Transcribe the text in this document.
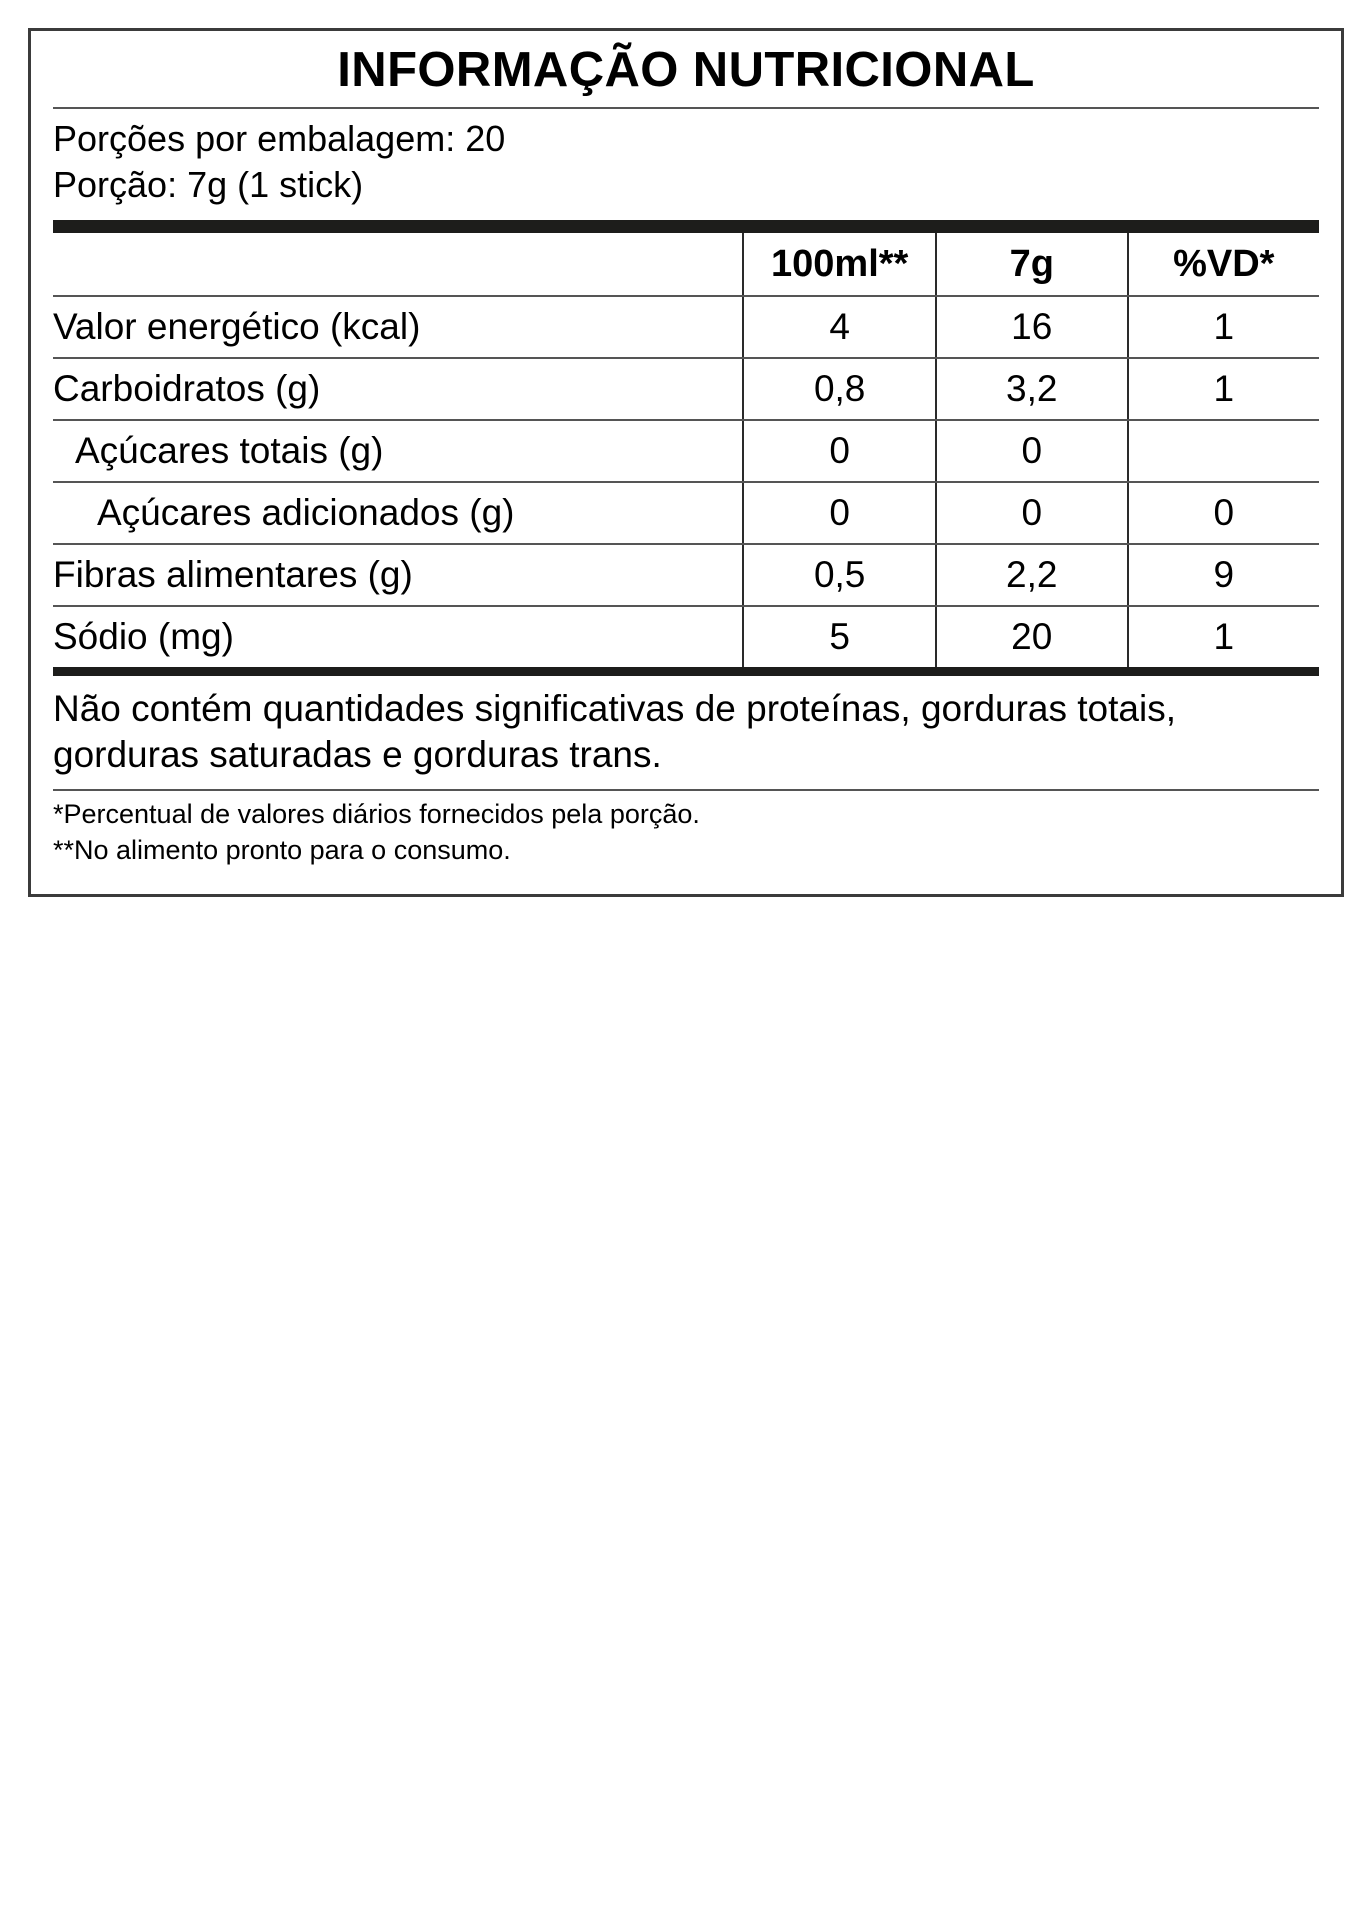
INFORMAÇÃO NUTRICIONAL
Porções por embalagem: 20
Porção: 7g (1 stick)
	100ml**	7g	%VD*
Valor energético (kcal)	4	16	1
Carboidratos (g)	0,8	3,2	1
Açúcares totais (g)	0	0	
Açúcares adicionados (g)	0	0	0
Fibras alimentares (g)	0,5	2,2	9
Sódio (mg)	5	20	1
Não contém quantidades significativas de proteínas, gorduras totais, gorduras saturadas e gorduras trans.
*Percentual de valores diários fornecidos pela porção.
**No alimento pronto para o consumo.
